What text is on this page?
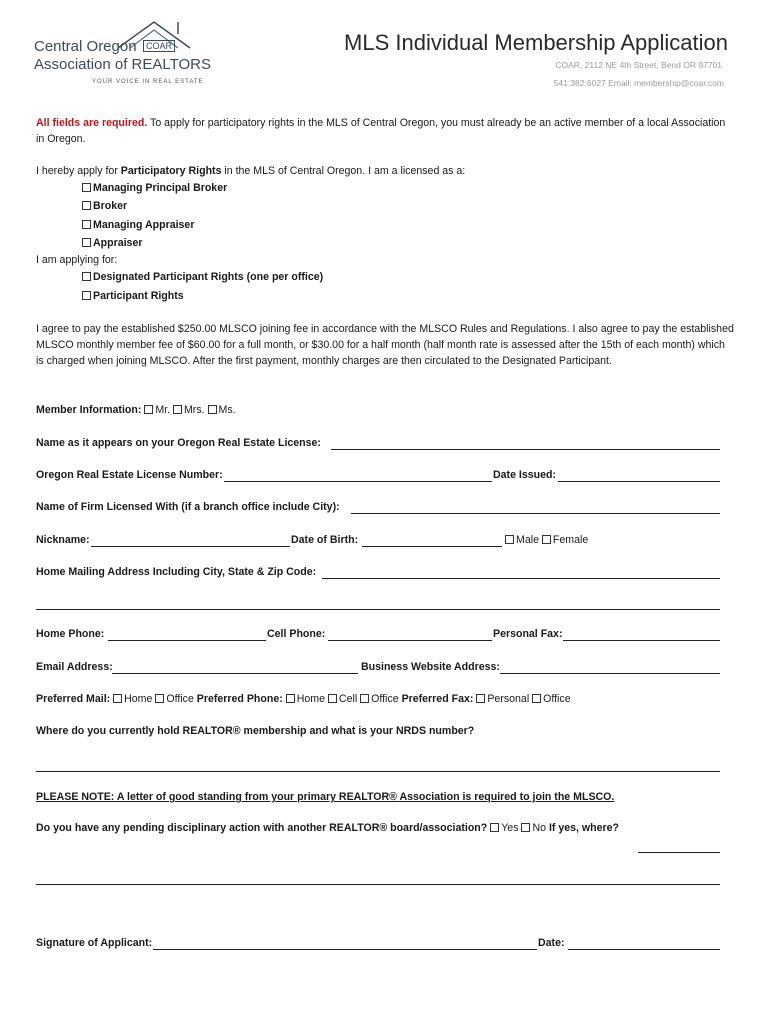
Central Oregon	COAR
Association of REALTORS
YOUR VOICE IN REAL ESTATE
MLS Individual Membership Application
COAR, 2112 NE 4th Street, Bend OR 97701
541.382.6027 Email: membership@coar.com
All fields are required. To apply for participatory rights in the MLS of Central Oregon, you must already be an active member of a local Association in Oregon.
I hereby apply for Participatory Rights in the MLS of Central Oregon. I am a licensed as a:
Managing Principal Broker
Broker
Managing Appraiser
Appraiser
I am applying for:
Designated Participant Rights (one per office)
Participant Rights
I agree to pay the established $250.00 MLSCO joining fee in accordance with the MLSCO Rules and Regulations. I also agree to pay the established MLSCO monthly member fee of $60.00 for a full month, or $30.00 for a half month (half month rate is assessed after the 15th of each month) which is charged when joining MLSCO. After the first payment, monthly charges are then circulated to the Designated Participant.
Member Information: Mr. Mrs. Ms.
Name as it appears on your Oregon Real Estate License:
Oregon Real Estate License Number:	Date Issued:
Name of Firm Licensed With (if a branch office include City):
Nickname:	Date of Birth:	Male Female
Home Mailing Address Including City, State & Zip Code:
Home Phone:	Cell Phone:	Personal Fax:
Email Address:	Business Website Address:
Preferred Mail: Home Office Preferred Phone: Home Cell Office Preferred Fax: Personal Office
Where do you currently hold REALTOR® membership and what is your NRDS number?
PLEASE NOTE: A letter of good standing from your primary REALTOR® Association is required to join the MLSCO.
Do you have any pending disciplinary action with another REALTOR® board/association? Yes No If yes, where?
Signature of Applicant:	Date:
